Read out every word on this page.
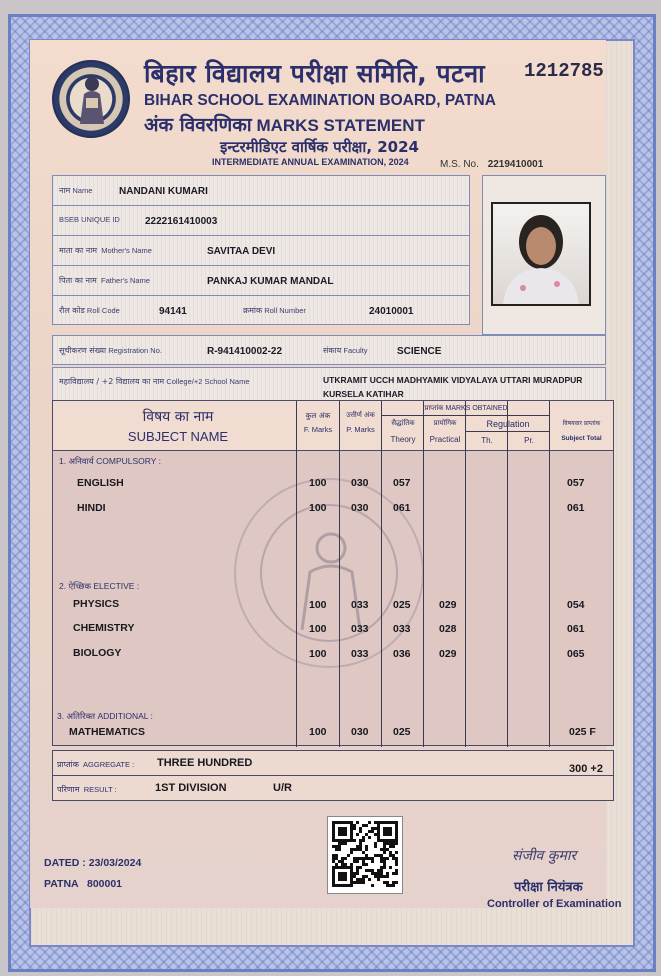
बिहार विद्यालय परीक्षा समिति, पटना
BIHAR SCHOOL EXAMINATION BOARD, PATNA
अंक विवरणिका MARKS STATEMENT
इन्टरमीडिएट वार्षिक परीक्षा, 2024
INTERMEDIATE ANNUAL EXAMINATION, 2024
1212785
M.S. No. 2219410001
नाम Name	NANDANI KUMARI
BSEB UNIQUE ID	2222161410003
माता का नाम Mother's Name	SAVITAA DEVI
पिता का नाम Father's Name	PANKAJ KUMAR MANDAL
रौल कोड Roll Code	94141	क्रमांक Roll Number	24010001
सूचीकरण संख्या Registration No.	R-941410002-22	संकाय Faculty	SCIENCE
महाविद्यालय / +2 विद्यालय का नाम College/+2 School Name	UTKRAMIT UCCH MADHYAMIK VIDYALAYA UTTARI MURADPUR
KURSELA KATIHAR
विषय का नाम
SUBJECT NAME
कुल अंक
F. Marks
उत्तीर्ण अंक
P. Marks
प्राप्तांक MARKS OBTAINED
सैद्धांतिक
Theory
प्रायोगिक
Practical
Regulation
Th.	Pr.
विषयवार प्राप्तांक
Subject Total
1. अनिवार्य COMPULSORY :
2. ऐच्छिक ELECTIVE :
3. अतिरिक्त ADDITIONAL :
ENGLISH	100 030 057	057
HINDI	100 030 061	061
PHYSICS	100 033 025	029	054
CHEMISTRY	100 033 033	028	061
BIOLOGY	100 033 036	029	065
MATHEMATICS	100 030 025	025 F
प्राप्तांक AGGREGATE : THREE HUNDRED	300 +2
परिणाम RESULT :	1ST DIVISION	U/R
DATED : 23/03/2024
PATNA 800001
संजीव कुमार
परीक्षा नियंत्रक
Controller of Examination
